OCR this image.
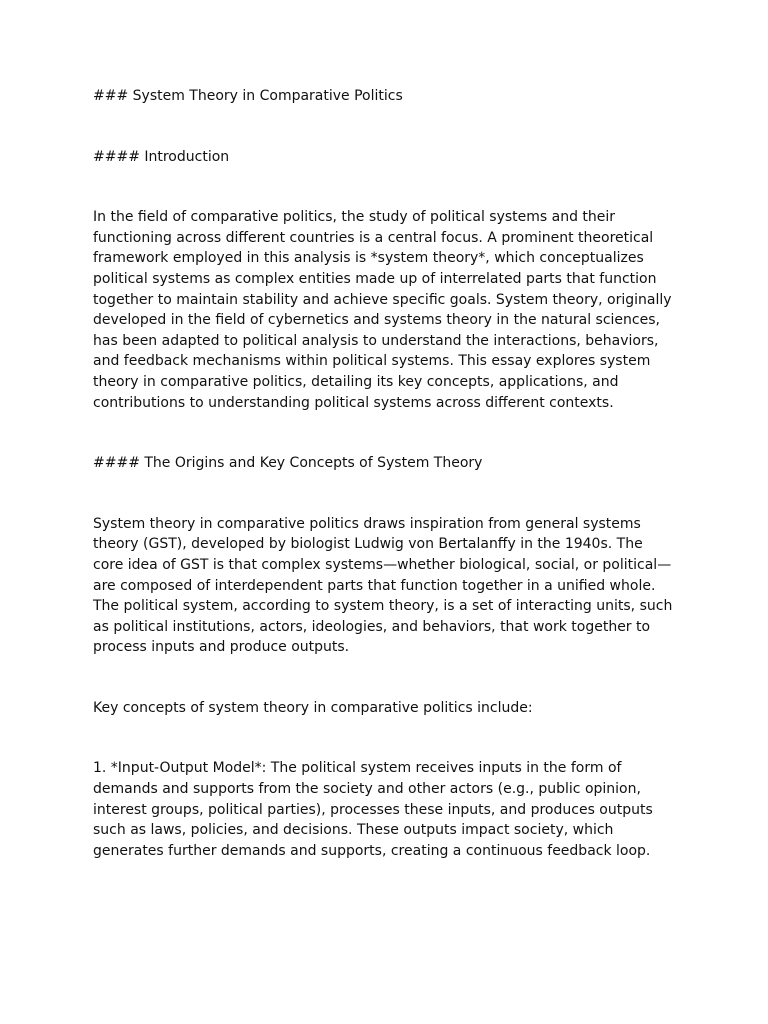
### System Theory in Comparative Politics

#### Introduction

In the field of comparative politics, the study of political systems and their functioning across different countries is a central focus. A prominent theoretical framework employed in this analysis is *system theory*, which conceptualizes political systems as complex entities made up of interrelated parts that function together to maintain stability and achieve specific goals. System theory, originally developed in the field of cybernetics and systems theory in the natural sciences, has been adapted to political analysis to understand the interactions, behaviors, and feedback mechanisms within political systems. This essay explores system theory in comparative politics, detailing its key concepts, applications, and contributions to understanding political systems across different contexts.

#### The Origins and Key Concepts of System Theory

System theory in comparative politics draws inspiration from general systems theory (GST), developed by biologist Ludwig von Bertalanffy in the 1940s. The core idea of GST is that complex systems—whether biological, social, or political—are composed of interdependent parts that function together in a unified whole. The political system, according to system theory, is a set of interacting units, such as political institutions, actors, ideologies, and behaviors, that work together to process inputs and produce outputs.

Key concepts of system theory in comparative politics include:

1. *Input-Output Model*: The political system receives inputs in the form of demands and supports from the society and other actors (e.g., public opinion, interest groups, political parties), processes these inputs, and produces outputs such as laws, policies, and decisions. These outputs impact society, which generates further demands and supports, creating a continuous feedback loop.
